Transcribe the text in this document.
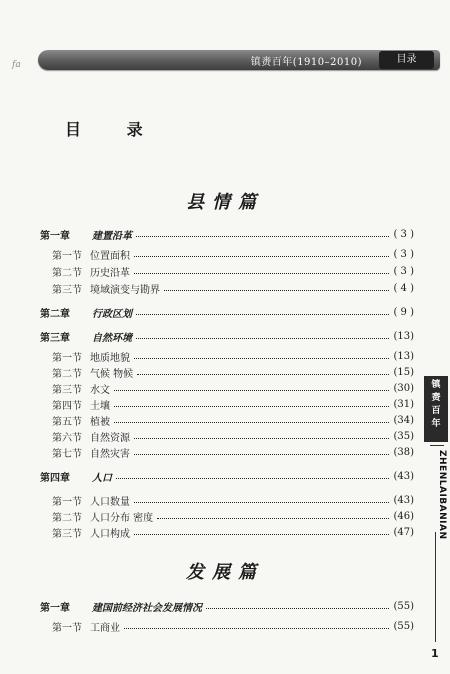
fa	镇赉百年(1910–2010)	目录
目 录
县情篇
第一章 建置沿革	( 3 )
第一节 位置面积	( 3 )
第二节 历史沿革	( 3 )
第三节 境域演变与勘界	( 4 )
第二章 行政区划	( 9 )
第三章 自然环境	(13)
第一节 地质地貌	(13)
第二节 气候 物候	(15)
第三节 水文	(30)
第四节 土壤	(31)
第五节 植被	(34)
第六节 自然资源	(35)
第七节 自然灾害	(38)
第四章 人口	(43)
第一节 人口数量	(43)
第二节 人口分布 密度	(46)
第三节 人口构成	(47)
发展篇
第一章 建国前经济社会发展情况	(55)
第一节 工商业	(55)
镇
赉
百
年
ZHENLAIBANIAN
1
